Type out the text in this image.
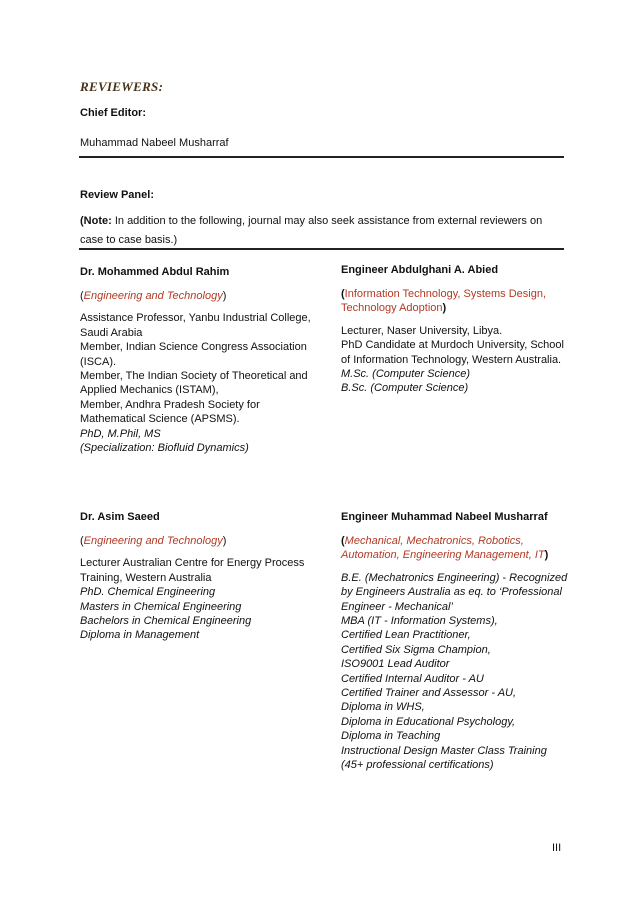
REVIEWERS:
Chief Editor:
Muhammad Nabeel Musharraf
Review Panel:
(Note: In addition to the following, journal may also seek assistance from external reviewers on case to case basis.)

Dr. Mohammed Abdul Rahim

(Engineering and Technology)

Assistance Professor, Yanbu Industrial College, Saudi Arabia

Member, Indian Science Congress Association (ISCA).

Member, The Indian Society of Theoretical and Applied Mechanics (ISTAM),

Member, Andhra Pradesh Society for Mathematical Science (APSMS).

PhD, M.Phil, MS

(Specialization: Biofluid Dynamics)

Engineer Abdulghani A. Abied

(Information Technology, Systems Design, Technology Adoption)

Lecturer, Naser University, Libya.

PhD Candidate at Murdoch University, School of Information Technology, Western Australia.

M.Sc. (Computer Science)

B.Sc. (Computer Science)

Dr. Asim Saeed

(Engineering and Technology)

Lecturer Australian Centre for Energy Process Training, Western Australia

PhD. Chemical Engineering

Masters in Chemical Engineering

Bachelors in Chemical Engineering

Diploma in Management

Engineer Muhammad Nabeel Musharraf

(Mechanical, Mechatronics, Robotics, Automation, Engineering Management, IT)

B.E. (Mechatronics Engineering) - Recognized by Engineers Australia as eq. to ‘Professional Engineer - Mechanical’

MBA (IT - Information Systems),

Certified Lean Practitioner,

Certified Six Sigma Champion,

ISO9001 Lead Auditor

Certified Internal Auditor - AU

Certified Trainer and Assessor - AU,

Diploma in WHS,

Diploma in Educational Psychology,

Diploma in Teaching

Instructional Design Master Class Training

(45+ professional certifications)

III
